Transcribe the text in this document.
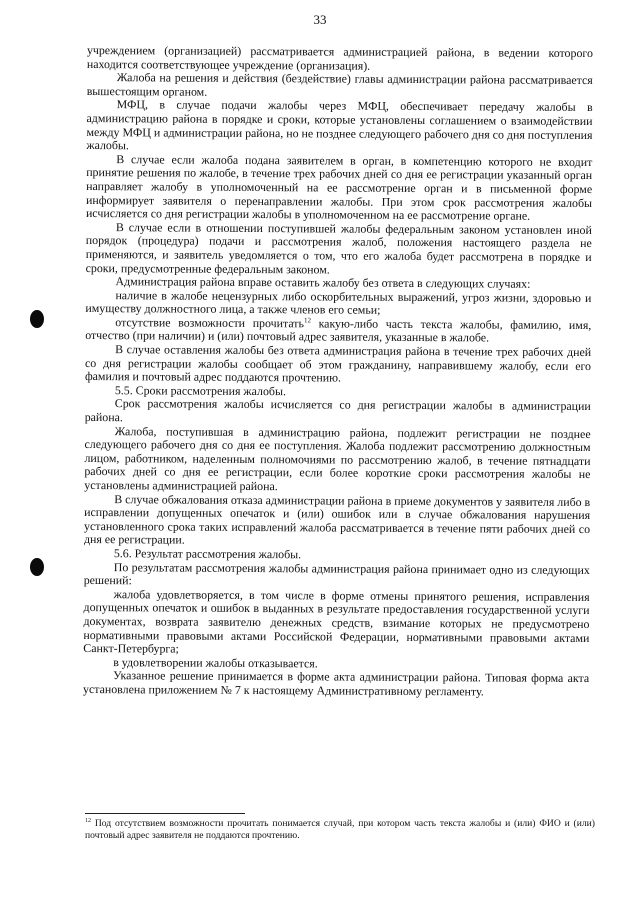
33

учреждением (организацией) рассматривается администрацией района, в ведении которого находится соответствующее учреждение (организация).

Жалоба на решения и действия (бездействие) главы администрации района рассматривается вышестоящим органом.

МФЦ, в случае подачи жалобы через МФЦ, обеспечивает передачу жалобы в администрацию района в порядке и сроки, которые установлены соглашением о взаимодействии между МФЦ и администрации района, но не позднее следующего рабочего дня со дня поступления жалобы.

В случае если жалоба подана заявителем в орган, в компетенцию которого не входит принятие решения по жалобе, в течение трех рабочих дней со дня ее регистрации указанный орган направляет жалобу в уполномоченный на ее рассмотрение орган и в письменной форме информирует заявителя о перенаправлении жалобы. При этом срок рассмотрения жалобы исчисляется со дня регистрации жалобы в уполномоченном на ее рассмотрение органе.

В случае если в отношении поступившей жалобы федеральным законом установлен иной порядок (процедура) подачи и рассмотрения жалоб, положения настоящего раздела не применяются, и заявитель уведомляется о том, что его жалоба будет рассмотрена в порядке и сроки, предусмотренные федеральным законом.

Администрация района вправе оставить жалобу без ответа в следующих случаях:

наличие в жалобе нецензурных либо оскорбительных выражений, угроз жизни, здоровью и имуществу должностного лица, а также членов его семьи;

отсутствие возможности прочитать$^{12}$ какую-либо часть текста жалобы, фамилию, имя, отчество (при наличии) и (или) почтовый адрес заявителя, указанные в жалобе.

В случае оставления жалобы без ответа администрация района в течение трех рабочих дней со дня регистрации жалобы сообщает об этом гражданину, направившему жалобу, если его фамилия и почтовый адрес поддаются прочтению.

5.5. Сроки рассмотрения жалобы.

Срок рассмотрения жалобы исчисляется со дня регистрации жалобы в администрации района.

Жалоба, поступившая в администрацию района, подлежит регистрации не позднее следующего рабочего дня со дня ее поступления. Жалоба подлежит рассмотрению должностным лицом, работником, наделенным полномочиями по рассмотрению жалоб, в течение пятнадцати рабочих дней со дня ее регистрации, если более короткие сроки рассмотрения жалобы не установлены администрацией района.

В случае обжалования отказа администрации района в приеме документов у заявителя либо в исправлении допущенных опечаток и (или) ошибок или в случае обжалования нарушения установленного срока таких исправлений жалоба рассматривается в течение пяти рабочих дней со дня ее регистрации.

5.6. Результат рассмотрения жалобы.

По результатам рассмотрения жалобы администрация района принимает одно из следующих решений:

жалоба удовлетворяется, в том числе в форме отмены принятого решения, исправления допущенных опечаток и ошибок в выданных в результате предоставления государственной услуги документах, возврата заявителю денежных средств, взимание которых не предусмотрено нормативными правовыми актами Российской Федерации, нормативными правовыми актами Санкт-Петербурга;

в удовлетворении жалобы отказывается.

Указанное решение принимается в форме акта администрации района. Типовая форма акта установлена приложением № 7 к настоящему Административному регламенту.

$^{12}$ Под отсутствием возможности прочитать понимается случай, при котором часть текста жалобы и (или) ФИО и (или) почтовый адрес заявителя не поддаются прочтению.
